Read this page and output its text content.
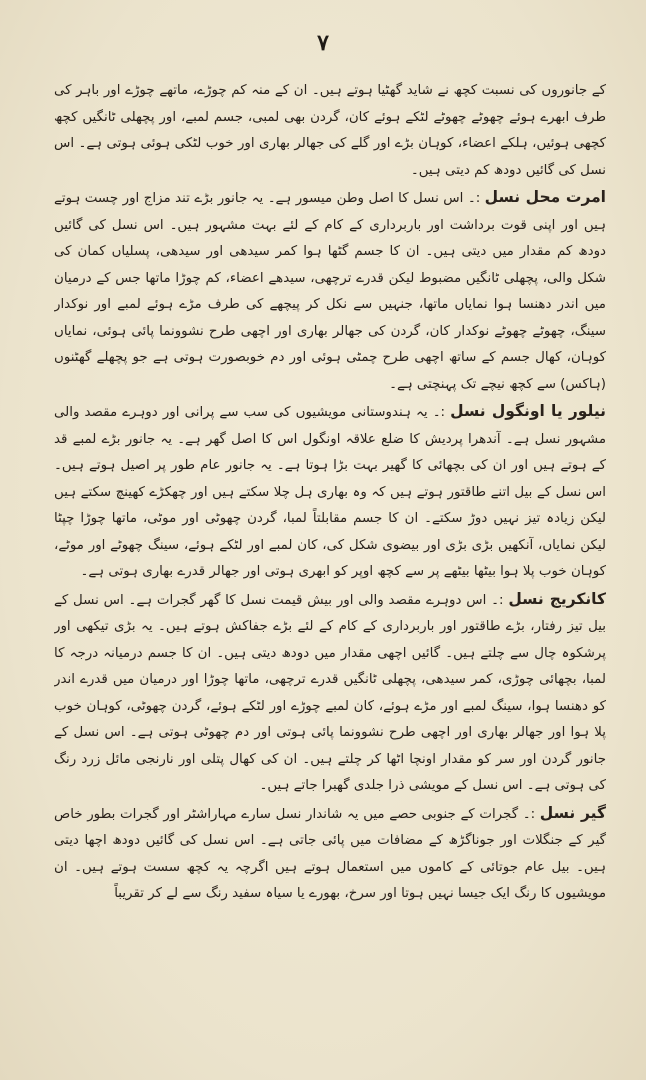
۷

کے جانوروں کی نسبت کچھ نے شاید گھٹیا ہوتے ہیں۔ ان کے منہ کم چوڑے، ماتھے چوڑے اور باہر کی طرف ابھرے ہوئے چھوٹے چھوٹے لٹکے ہوئے کان، گردن بھی لمبی، جسم لمبے، اور پچھلی ٹانگیں کچھ کچھی ہوئیں، ہلکے اعضاء، کوہان بڑے اور گلے کی جھالر بھاری اور خوب لٹکی ہوئی ہوتی ہے۔ اس نسل کی گائیں دودھ کم دیتی ہیں۔

امرت محل نسل :۔ اس نسل کا اصل وطن میسور ہے۔ یہ جانور بڑے تند مزاج اور چست ہوتے ہیں اور اپنی قوت برداشت اور باربرداری کے کام کے لئے بہت مشہور ہیں۔ اس نسل کی گائیں دودھ کم مقدار میں دیتی ہیں۔ ان کا جسم گٹھا ہوا کمر سیدھی اور سیدھی، پسلیاں کمان کی شکل والی، پچھلی ٹانگیں مضبوط لیکن قدرے ترچھی، سیدھے اعضاء، کم چوڑا ماتھا جس کے درمیان میں اندر دھنسا ہوا نمایاں ماتھا، جنہیں سے نکل کر پیچھے کی طرف مڑے ہوئے لمبے اور نوکدار سینگ، چھوٹے چھوٹے نوکدار کان، گردن کی جھالر بھاری اور اچھی طرح نشوونما پائی ہوئی، نمایاں کوہان، کھال جسم کے ساتھ اچھی طرح چمٹی ہوئی اور دم خوبصورت ہوتی ہے جو پچھلے گھٹنوں (ہاکس) سے کچھ نیچے تک پہنچتی ہے۔

نیلور یا اونگول نسل :۔ یہ ہندوستانی مویشیوں کی سب سے پرانی اور دوہرے مقصد والی مشہور نسل ہے۔ آندھرا پردیش کا ضلع علاقہ اونگول اس کا اصل گھر ہے۔ یہ جانور بڑے لمبے قد کے ہوتے ہیں اور ان کی بچھائی کا گھیر بہت بڑا ہوتا ہے۔ یہ جانور عام طور پر اصیل ہوتے ہیں۔ اس نسل کے بیل اتنے طاقتور ہوتے ہیں کہ وہ بھاری ہل چلا سکتے ہیں اور چھکڑے کھینچ سکتے ہیں لیکن زیادہ تیز نہیں دوڑ سکتے۔ ان کا جسم مقابلتاً لمبا، گردن چھوٹی اور موٹی، ماتھا چوڑا چپٹا لیکن نمایاں، آنکھیں بڑی بڑی اور بیضوی شکل کی، کان لمبے اور لٹکے ہوئے، سینگ چھوٹے اور موٹے، کوہان خوب پلا ہوا بیٹھا بیٹھے پر سے کچھ اوپر کو ابھری ہوتی اور جھالر قدرے بھاری ہوتی ہے۔

کانکریج نسل :۔ اس دوہرے مقصد والی اور بیش قیمت نسل کا گھر گجرات ہے۔ اس نسل کے بیل تیز رفتار، بڑے طاقتور اور باربرداری کے کام کے لئے بڑے جفاکش ہوتے ہیں۔ یہ بڑی تیکھی اور پرشکوہ چال سے چلتے ہیں۔ گائیں اچھی مقدار میں دودھ دیتی ہیں۔ ان کا جسم درمیانہ درجہ کا لمبا، بچھائی چوڑی، کمر سیدھی، پچھلی ٹانگیں قدرے ترچھی، ماتھا چوڑا اور درمیان میں قدرے اندر کو دھنسا ہوا، سینگ لمبے اور مڑے ہوئے، کان لمبے چوڑے اور لٹکے ہوئے، گردن چھوٹی، کوہان خوب پلا ہوا اور جھالر بھاری اور اچھی طرح نشوونما پائی ہوتی اور دم چھوٹی ہوتی ہے۔ اس نسل کے جانور گردن اور سر کو مقدار اونچا اٹھا کر چلتے ہیں۔ ان کی کھال پتلی اور نارنجی مائل زرد رنگ کی ہوتی ہے۔ اس نسل کے مویشی ذرا جلدی گھبرا جاتے ہیں۔

گیر نسل :۔ گجرات کے جنوبی حصے میں یہ شاندار نسل سارے مہاراشٹر اور گجرات بطور خاص گیر کے جنگلات اور جوناگڑھ کے مضافات میں پائی جاتی ہے۔ اس نسل کی گائیں دودھ اچھا دیتی ہیں۔ بیل عام جوتائی کے کاموں میں استعمال ہوتے ہیں اگرچہ یہ کچھ سست ہوتے ہیں۔ ان مویشیوں کا رنگ ایک جیسا نہیں ہوتا اور سرخ، بھورے یا سیاہ سفید رنگ سے لے کر تقریباً
